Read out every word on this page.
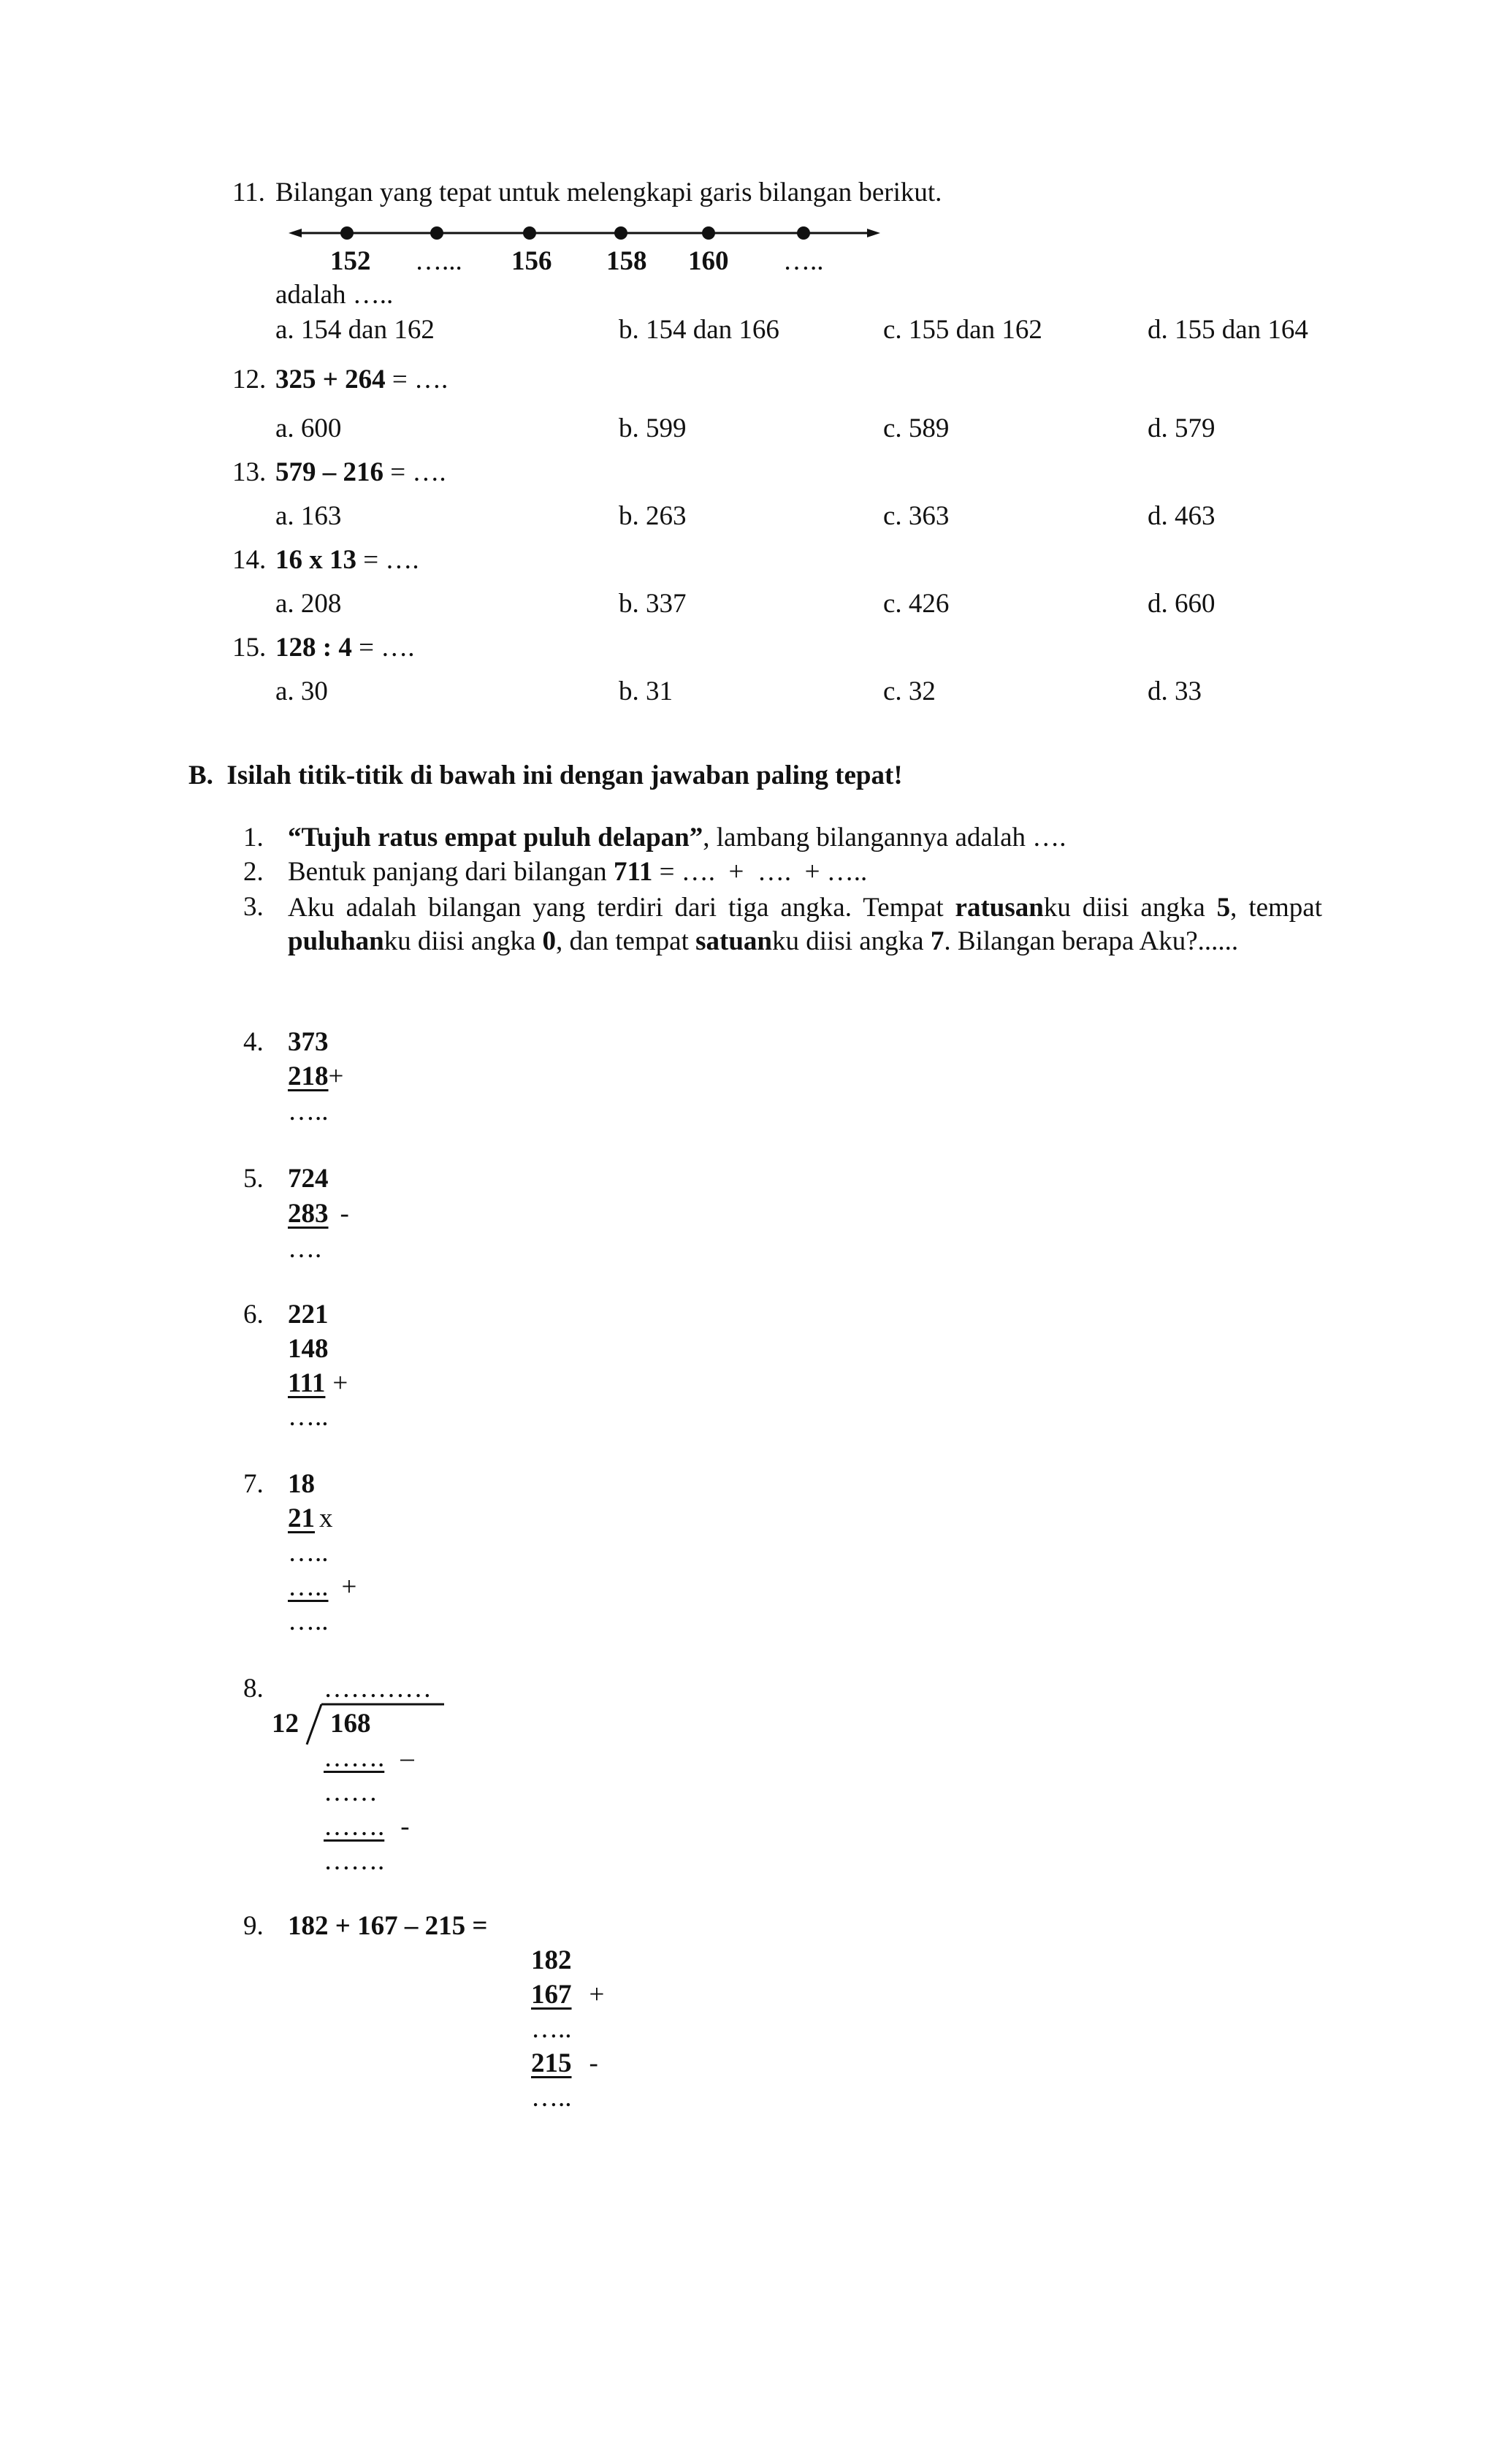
11. Bilangan yang tepat untuk melengkapi garis bilangan berikut.
152 …... 156 158 160 …..
adalah …..
a. 154 dan 162	b. 154 dan 166	c. 155 dan 162	d. 155 dan 164
12. 325 + 264 = ….
a. 600	b. 599	c. 589	d. 579
13. 579 – 216 = ….
a. 163	b. 263	c. 363	d. 463
14. 16 x 13 = ….
a. 208	b. 337	c. 426	d. 660
15. 128 : 4 = ….
a. 30	b. 31	c. 32	d. 33
B.  Isilah titik-titik di bawah ini dengan jawaban paling tepat!
1. “Tujuh ratus empat puluh delapan”, lambang bilangannya adalah ….
2. Bentuk panjang dari bilangan 711 = ….  +  ….  + …..
3. Aku adalah bilangan yang terdiri dari tiga angka. Tempat ratusanku diisi angka 5, tempat puluhanku diisi angka 0, dan tempat satuanku diisi angka 7. Bilangan berapa Aku?......
4. 373
218+
…..
5. 724
283 -
….
6. 221
148
111 +
…..
7. 18
21 x
…..
….. +
…..
8. …………
12 168
……. –
……
……. -
…….
9. 182 + 167 – 215 =
182
167 +
…..
215 -
…..
